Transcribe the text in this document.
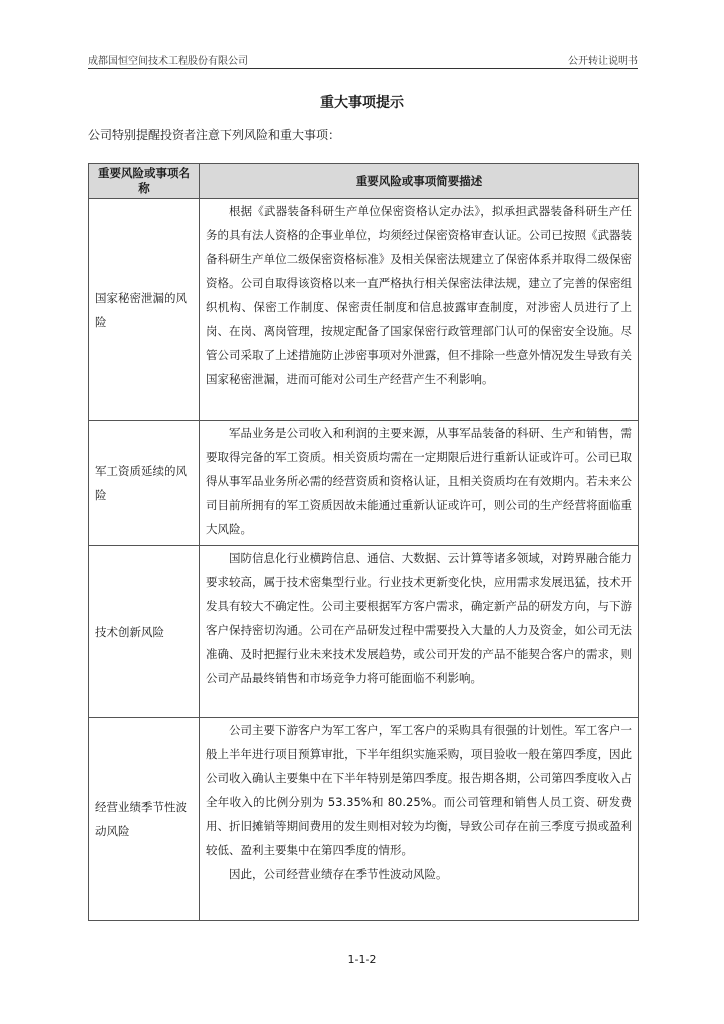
成都国恒空间技术工程股份有限公司	公开转让说明书
重大事项提示
公司特别提醒投资者注意下列风险和重大事项：
重要风险或事项名称	重要风险或事项简要描述
国家秘密泄漏的风险	根据《武器装备科研生产单位保密资格认定办法》，拟承担武器装备科研生产任务的具有法人资格的企事业单位，均须经过保密资格审查认证。公司已按照《武器装备科研生产单位二级保密资格标准》及相关保密法规建立了保密体系并取得二级保密资格。公司自取得该资格以来一直严格执行相关保密法律法规，建立了完善的保密组织机构、保密工作制度、保密责任制度和信息披露审查制度，对涉密人员进行了上岗、在岗、离岗管理，按规定配备了国家保密行政管理部门认可的保密安全设施。尽管公司采取了上述措施防止涉密事项对外泄露，但不排除一些意外情况发生导致有关国家秘密泄漏，进而可能对公司生产经营产生不利影响。

军工资质延续的风险	军品业务是公司收入和利润的主要来源，从事军品装备的科研、生产和销售，需要取得完备的军工资质。相关资质均需在一定期限后进行重新认证或许可。公司已取得从事军品业务所必需的经营资质和资格认证，且相关资质均在有效期内。若未来公司目前所拥有的军工资质因故未能通过重新认证或许可，则公司的生产经营将面临重大风险。

技术创新风险	国防信息化行业横跨信息、通信、大数据、云计算等诸多领域，对跨界融合能力要求较高，属于技术密集型行业。行业技术更新变化快，应用需求发展迅猛，技术开发具有较大不确定性。公司主要根据军方客户需求，确定新产品的研发方向，与下游客户保持密切沟通。公司在产品研发过程中需要投入大量的人力及资金，如公司无法准确、及时把握行业未来技术发展趋势，或公司开发的产品不能契合客户的需求，则公司产品最终销售和市场竞争力将可能面临不利影响。

经营业绩季节性波动风险	公司主要下游客户为军工客户，军工客户的采购具有很强的计划性。军工客户一般上半年进行项目预算审批，下半年组织实施采购，项目验收一般在第四季度，因此公司收入确认主要集中在下半年特别是第四季度。报告期各期，公司第四季度收入占全年收入的比例分别为 53.35%和 80.25%。而公司管理和销售人员工资、研发费用、折旧摊销等期间费用的发生则相对较为均衡，导致公司存在前三季度亏损或盈利较低、盈利主要集中在第四季度的情形。

因此，公司经营业绩存在季节性波动风险。

1-1-2
